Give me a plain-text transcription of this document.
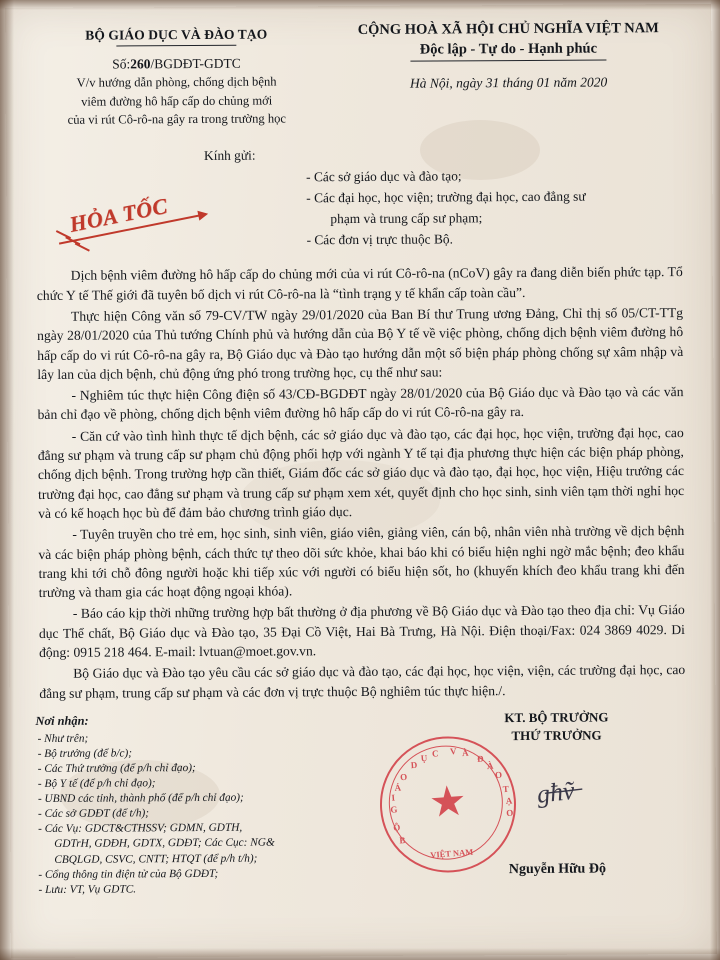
BỘ GIÁO DỤC VÀ ĐÀO TẠO
Số:260/BGDĐT-GDTC
V/v hướng dẫn phòng, chống dịch bệnh
viêm đường hô hấp cấp do chủng mới
của vi rút Cô-rô-na gây ra trong trường học
CỘNG HOÀ XÃ HỘI CHỦ NGHĨA VIỆT NAM
Độc lập - Tự do - Hạnh phúc
Hà Nội, ngày 31 tháng 01 năm 2020
Kính gửi:
- Các sở giáo dục và đào tạo;
- Các đại học, học viện; trường đại học, cao đẳng sư
phạm và trung cấp sư phạm;
- Các đơn vị trực thuộc Bộ.
HỎA TỐC

Dịch bệnh viêm đường hô hấp cấp do chủng mới của vi rút Cô-rô-na (nCoV) gây ra đang diễn biến phức tạp. Tổ chức Y tế Thế giới đã tuyên bố dịch vi rút Cô-rô-na là “tình trạng y tế khẩn cấp toàn cầu”.

Thực hiện Công văn số 79-CV/TW ngày 29/01/2020 của Ban Bí thư Trung ương Đảng, Chỉ thị số 05/CT-TTg ngày 28/01/2020 của Thủ tướng Chính phủ và hướng dẫn của Bộ Y tế về việc phòng, chống dịch bệnh viêm đường hô hấp cấp do vi rút Cô-rô-na gây ra, Bộ Giáo dục và Đào tạo hướng dẫn một số biện pháp phòng chống sự xâm nhập và lây lan của dịch bệnh, chủ động ứng phó trong trường học, cụ thể như sau:

- Nghiêm túc thực hiện Công điện số 43/CĐ-BGDĐT ngày 28/01/2020 của Bộ Giáo dục và Đào tạo và các văn bản chỉ đạo về phòng, chống dịch bệnh viêm đường hô hấp cấp do vi rút Cô-rô-na gây ra.

- Căn cứ vào tình hình thực tế dịch bệnh, các sở giáo dục và đào tạo, các đại học, học viện, trường đại học, cao đẳng sư phạm và trung cấp sư phạm chủ động phối hợp với ngành Y tế tại địa phương thực hiện các biện pháp phòng, chống dịch bệnh. Trong trường hợp cần thiết, Giám đốc các sở giáo dục và đào tạo, đại học, học viện, Hiệu trưởng các trường đại học, cao đẳng sư phạm và trung cấp sư phạm xem xét, quyết định cho học sinh, sinh viên tạm thời nghỉ học và có kế hoạch học bù để đảm bảo chương trình giáo dục.

- Tuyên truyền cho trẻ em, học sinh, sinh viên, giáo viên, giảng viên, cán bộ, nhân viên nhà trường về dịch bệnh và các biện pháp phòng bệnh, cách thức tự theo dõi sức khỏe, khai báo khi có biểu hiện nghi ngờ mắc bệnh; đeo khẩu trang khi tới chỗ đông người hoặc khi tiếp xúc với người có biểu hiện sốt, ho (khuyến khích đeo khẩu trang khi đến trường và tham gia các hoạt động ngoại khóa).

- Báo cáo kịp thời những trường hợp bất thường ở địa phương về Bộ Giáo dục và Đào tạo theo địa chỉ: Vụ Giáo dục Thể chất, Bộ Giáo dục và Đào tạo, 35 Đại Cồ Việt, Hai Bà Trưng, Hà Nội. Điện thoại/Fax: 024 3869 4029. Di động: 0915 218 464. E-mail: lvtuan@moet.gov.vn.

Bộ Giáo dục và Đào tạo yêu cầu các sở giáo dục và đào tạo, các đại học, học viện, viện, các trường đại học, cao đẳng sư phạm, trung cấp sư phạm và các đơn vị trực thuộc Bộ nghiêm túc thực hiện./.

Nơi nhận:
- Như trên;
- Bộ trưởng (để b/c);
- Các Thứ trưởng (để p/h chỉ đạo);
- Bộ Y tế (để p/h chỉ đạo);
- UBND các tỉnh, thành phố (để p/h chỉ đạo);
- Các sở GDĐT (để t/h);
- Các Vụ: GDCT&CTHSSV; GDMN, GDTH,
GDTrH, GDĐH, GDTX, GDĐT; Các Cục: NG&
CBQLGD, CSVC, CNTT; HTQT (để p/h t/h);
- Cổng thông tin điện tử của Bộ GDĐT;
- Lưu: VT, Vụ GDTC.
KT. BỘ TRƯỞNG
THỨ TRƯỞNG
Nguyễn Hữu Độ
g̶ħ̶ṽ̶
★
B
Ộ
G
I
Á
O
D
Ụ C V À
Đ
À
O
T
Ạ
O
VIỆT NAM
